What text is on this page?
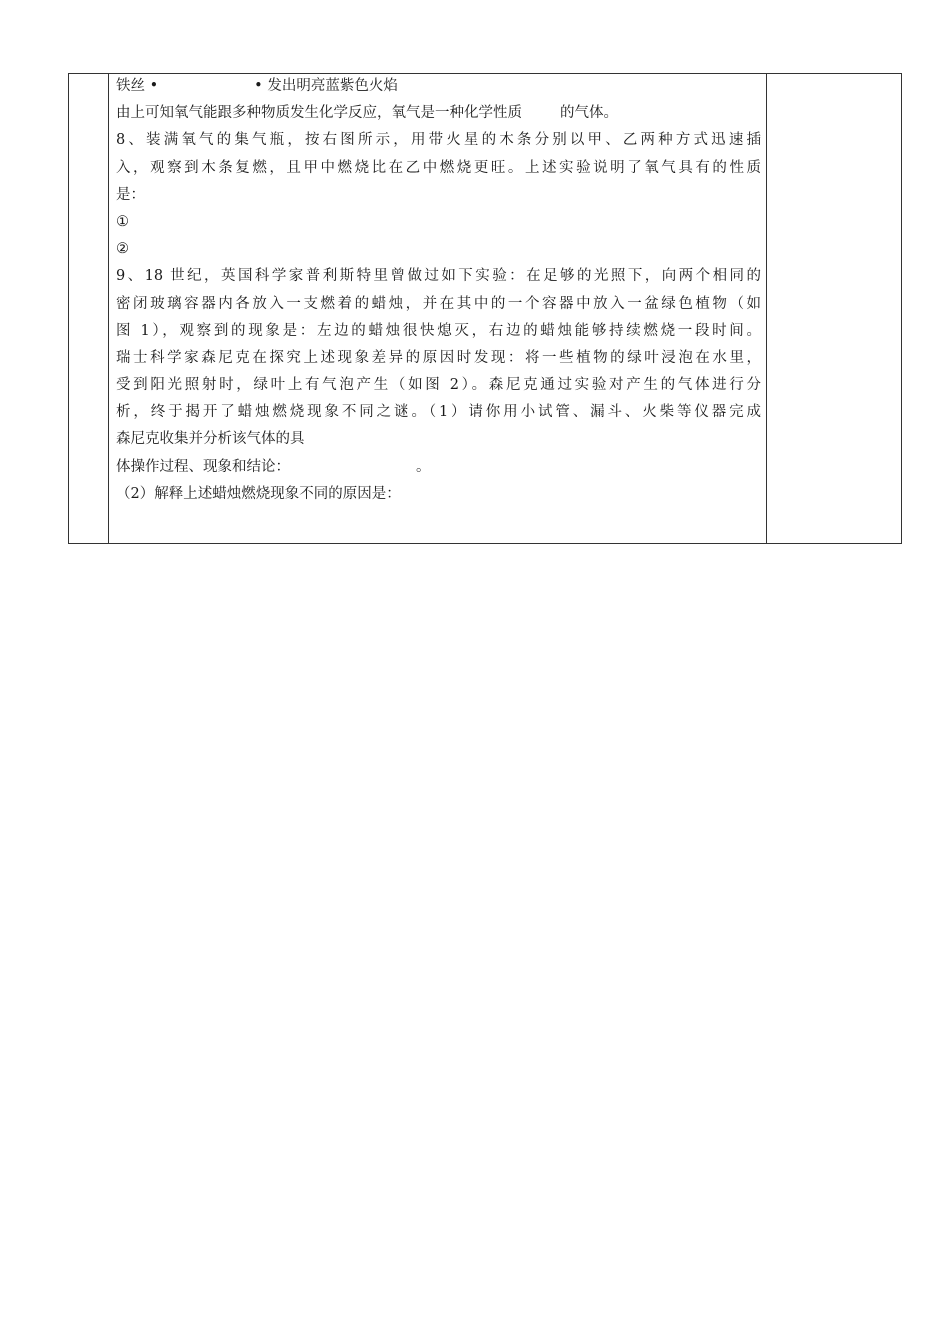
铁丝 •	• 发出明亮蓝紫色火焰
由上可知氧气能跟多种物质发生化学反应，氧气是一种化学性质	的气体。
8、装满氧气的集气瓶，按右图所示，用带火星的木条分别以甲、乙两种方式迅速插
入，观察到木条复燃，且甲中燃烧比在乙中燃烧更旺。上述实验说明了氧气具有的性质
是：
①
②
9、18 世纪，英国科学家普利斯特里曾做过如下实验：在足够的光照下，向两个相同的
密闭玻璃容器内各放入一支燃着的蜡烛，并在其中的一个容器中放入一盆绿色植物（如
图 1），观察到的现象是：左边的蜡烛很快熄灭，右边的蜡烛能够持续燃烧一段时间。
瑞士科学家森尼克在探究上述现象差异的原因时发现：将一些植物的绿叶浸泡在水里，
受到阳光照射时，绿叶上有气泡产生（如图 2）。森尼克通过实验对产生的气体进行分
析，终于揭开了蜡烛燃烧现象不同之谜。（1）请你用小试管、漏斗、火柴等仪器完成
森尼克收集并分析该气体的具
体操作过程、现象和结论：	。
（2）解释上述蜡烛燃烧现象不同的原因是：
